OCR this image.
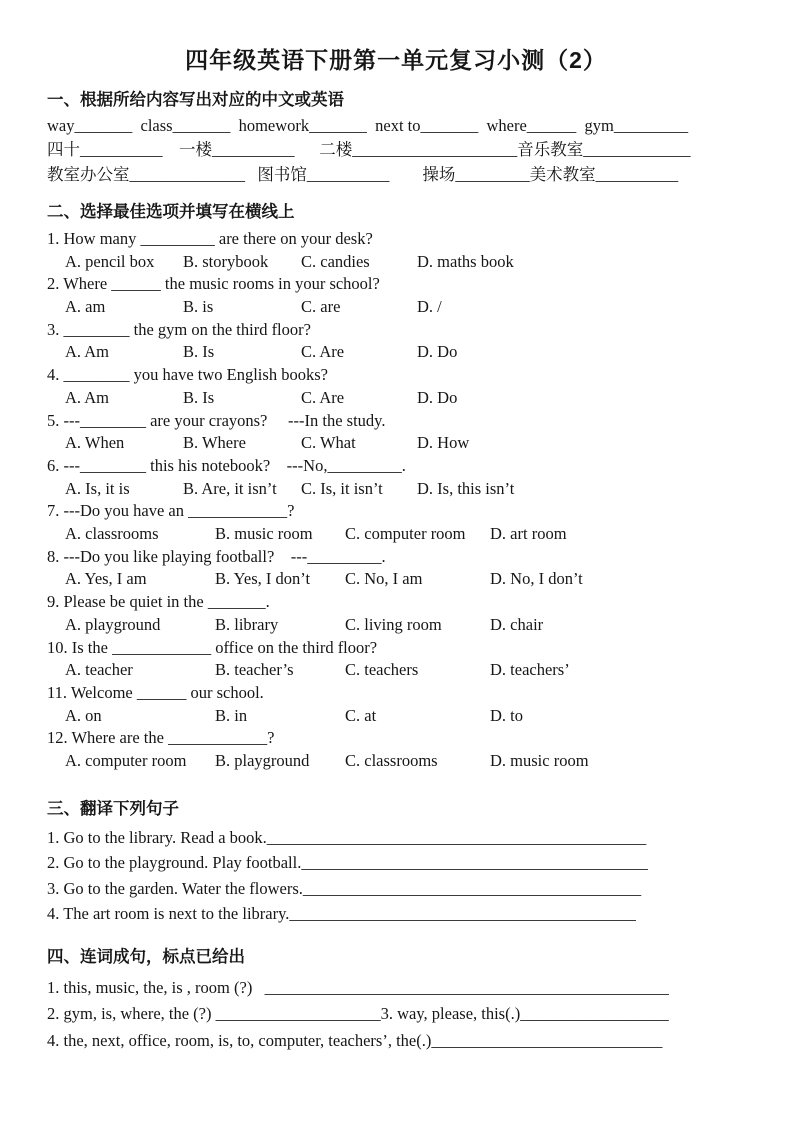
四年级英语下册第一单元复习小测（2）
一、根据所给内容写出对应的中文或英语
way_______  class_______  homework_______  next to_______  where______  gym_________
四十__________    一楼__________      二楼____________________音乐教室_____________
教室办公室______________   图书馆__________        操场_________美术教室__________
二、选择最佳选项并填写在横线上
1. How many _________ are there on your desk?
A. pencil box	B. storybook	C. candies	D. maths book
2. Where ______ the music rooms in your school?
A. am	B. is	C. are	D. /
3. ________ the gym on the third floor?
A. Am	B. Is	C. Are	D. Do
4. ________ you have two English books?
A. Am	B. Is	C. Are	D. Do
5. ---________ are your crayons?     ---In the study.
A. When	B. Where	C. What	D. How
6. ---________ this his notebook?    ---No,_________.
A. Is, it is	B. Are, it isn’t	C. Is, it isn’t	D. Is, this isn’t
7. ---Do you have an ____________?
A. classrooms	B. music room	C. computer room	D. art room
8. ---Do you like playing football?    ---_________.
A. Yes, I am	B. Yes, I don’t	C. No, I am	D. No, I don’t
9. Please be quiet in the _______.
A. playground	B. library	C. living room	D. chair
10. Is the ____________ office on the third floor?
A. teacher	B. teacher’s	C. teachers	D. teachers’
11. Welcome ______ our school.
A. on	B. in	C. at	D. to
12. Where are the ____________?
A. computer room	B. playground	C. classrooms	D. music room
三、翻译下列句子
1. Go to the library. Read a book.______________________________________________
2. Go to the playground. Play football.__________________________________________
3. Go to the garden. Water the flowers._________________________________________
4. The art room is next to the library.__________________________________________
四、连词成句，标点已给出
1. this, music, the, is , room (?)   _________________________________________________
2. gym, is, where, the (?) ____________________3. way, please, this(.)__________________
4. the, next, office, room, is, to, computer, teachers’, the(.)____________________________
